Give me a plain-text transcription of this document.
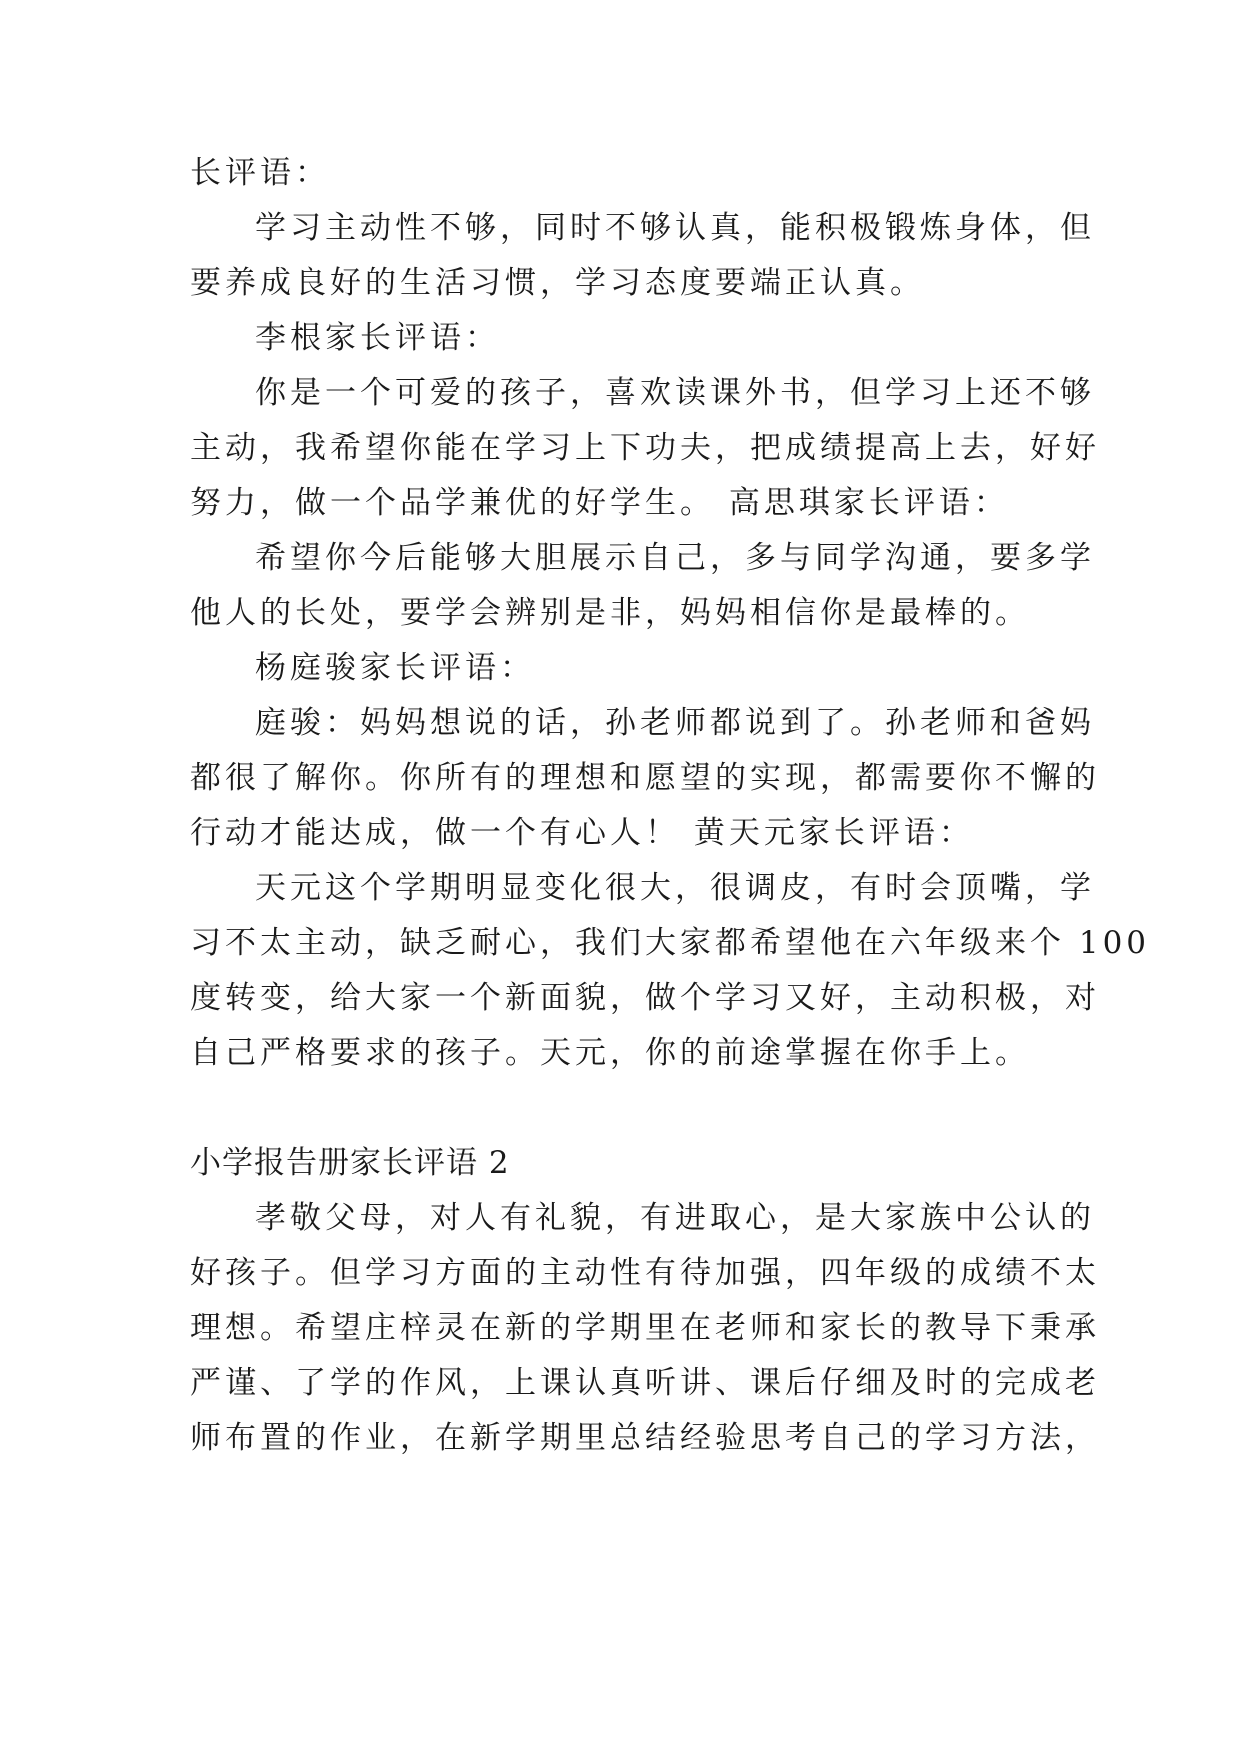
长评语：
学习主动性不够，同时不够认真，能积极锻炼身体，但
要养成良好的生活习惯，学习态度要端正认真。
李根家长评语：
你是一个可爱的孩子，喜欢读课外书，但学习上还不够
主动，我希望你能在学习上下功夫，把成绩提高上去，好好
努力，做一个品学兼优的好学生。 高思琪家长评语：
希望你今后能够大胆展示自己，多与同学沟通，要多学
他人的长处，要学会辨别是非，妈妈相信你是最棒的。
杨庭骏家长评语：
庭骏：妈妈想说的话，孙老师都说到了。孙老师和爸妈
都很了解你。你所有的理想和愿望的实现，都需要你不懈的
行动才能达成，做一个有心人！ 黄天元家长评语：
天元这个学期明显变化很大，很调皮，有时会顶嘴，学
习不太主动，缺乏耐心，我们大家都希望他在六年级来个 100
度转变，给大家一个新面貌，做个学习又好，主动积极，对
自己严格要求的孩子。天元，你的前途掌握在你手上。
小学报告册家长评语 2
孝敬父母，对人有礼貌，有进取心，是大家族中公认的
好孩子。但学习方面的主动性有待加强，四年级的成绩不太
理想。希望庄梓灵在新的学期里在老师和家长的教导下秉承
严谨、了学的作风，上课认真听讲、课后仔细及时的完成老
师布置的作业，在新学期里总结经验思考自己的学习方法，
